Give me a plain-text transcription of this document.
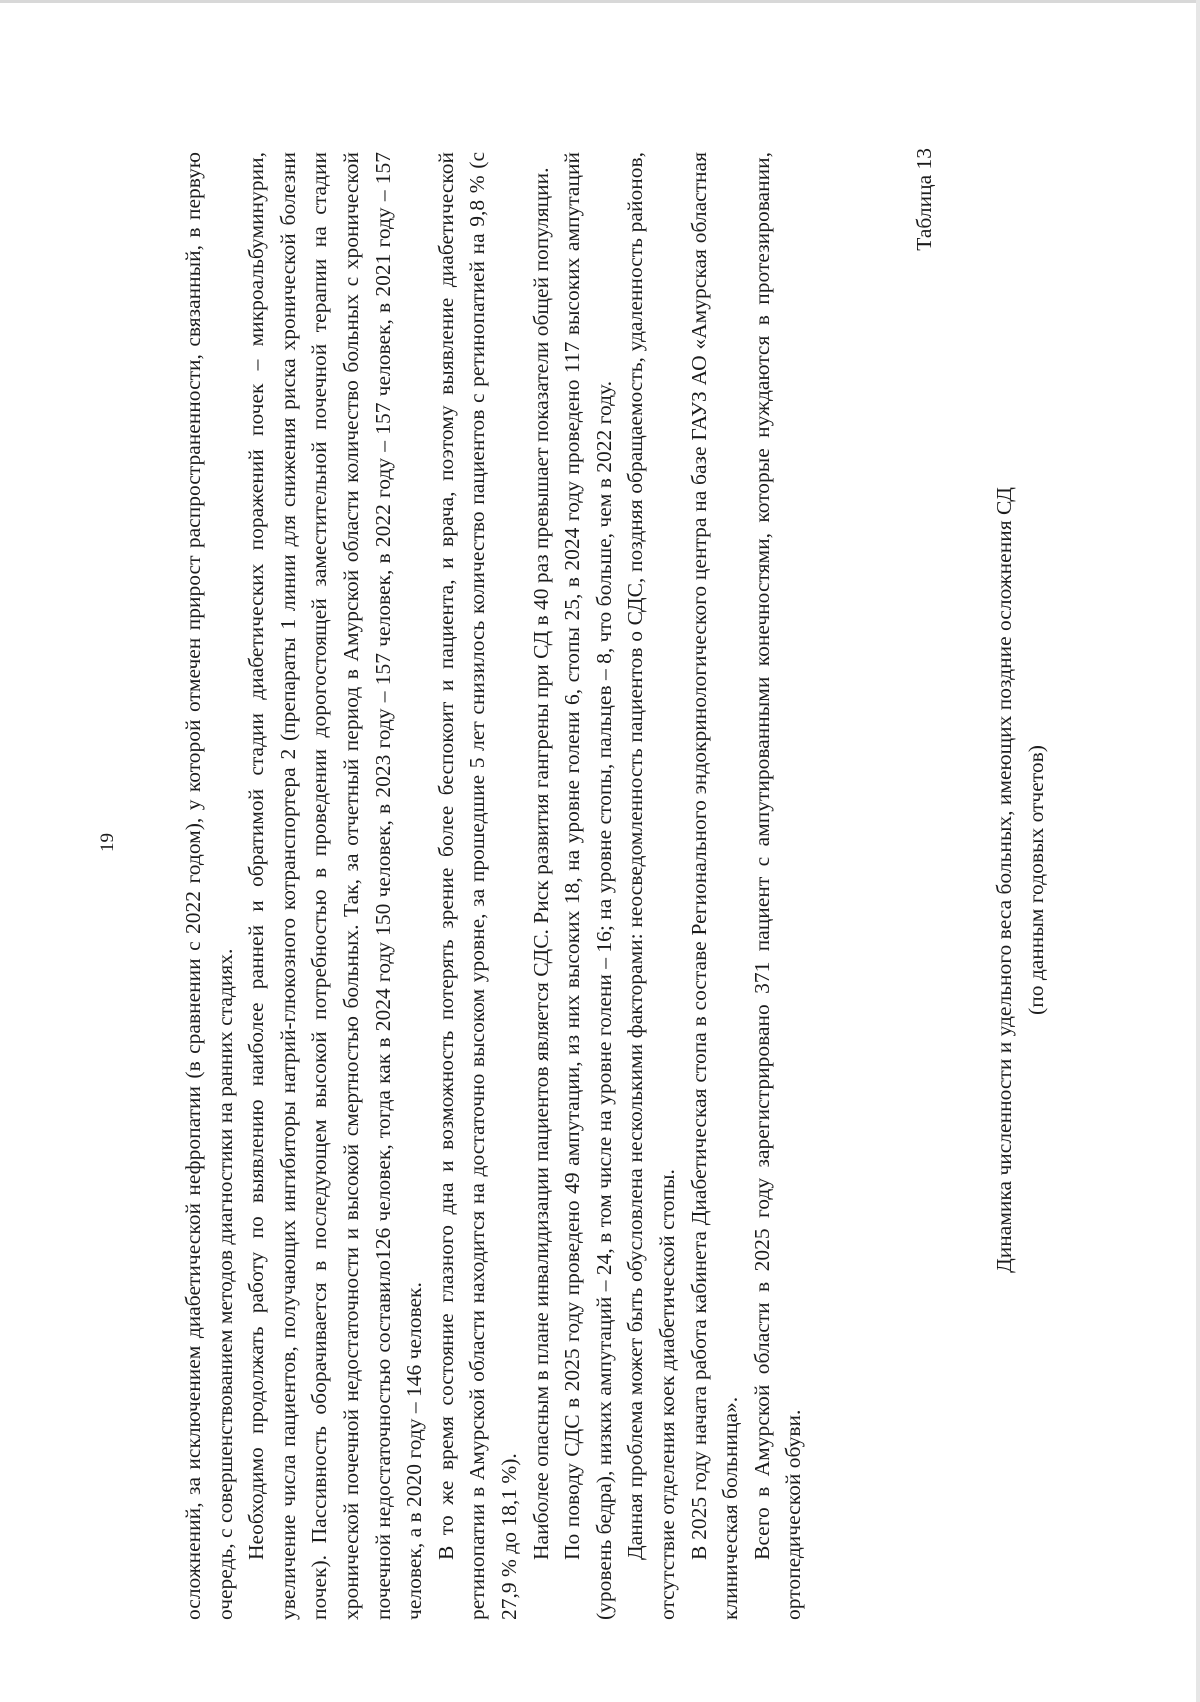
19	осложнений, за исключением диабетической нефропатии (в сравнении с 2022 годом), у которой отмечен прирост распространенности, связанный, в первую очередь, с совершенствованием методов диагностики на ранних стадиях. Необходимо продолжать работу по выявлению наиболее ранней и обратимой стадии диабетических поражений почек – микроальбуминурии, увеличение числа пациентов, получающих ингибиторы натрий-глюкозного котранспортера 2 (препараты 1 линии для снижения риска хронической болезни почек). Пассивность оборачивается в последующем высокой потребностью в проведении дорогостоящей заместительной почечной терапии на стадии хронической почечной недостаточности и высокой смертностью больных. Так, за отчетный период в Амурской области количество больных с хронической почечной недостаточностью составило126 человек, тогда как в 2024 году 150 человек, в 2023 году – 157 человек, в 2022 году – 157 человек, в 2021 году – 157 человек, а в 2020 году – 146 человек. В то же время состояние глазного дна и возможность потерять зрение более беспокоит и пациента, и врача, поэтому выявление диабетической ретинопатии в Амурской области находится на достаточно высоком уровне, за прошедшие 5 лет снизилось количество пациентов с ретинопатией на 9,8 % (с 27,9 % до 18,1 %). Наиболее опасным в плане инвалидизации пациентов является СДС. Риск развития гангрены при СД в 40 раз превышает показатели общей популяции. По поводу СДС в 2025 году проведено 49 ампутации, из них высоких 18, на уровне голени 6, стопы 25, в 2024 году проведено 117 высоких ампутаций (уровень бедра), низких ампутаций – 24, в том числе на уровне голени – 16; на уровне стопы, пальцев – 8, что больше, чем в 2022 году. Данная проблема может быть обусловлена несколькими факторами: неосведомленность пациентов о СДС, поздняя обращаемость, удаленность районов, отсутствие отделения коек диабетической стопы. В 2025 году начата работа кабинета Диабетическая стопа в составе Регионального эндокринологического центра на базе ГАУЗ АО «Амурская областная клиническая больница». Всего в Амурской области в 2025 году зарегистрировано 371 пациент с ампутированными конечностями, которые нуждаются в протезировании, ортопедической обуви.

Таблица 13
Динамика численности и удельного веса больных, имеющих поздние осложнения СД (по данным годовых отчетов)
